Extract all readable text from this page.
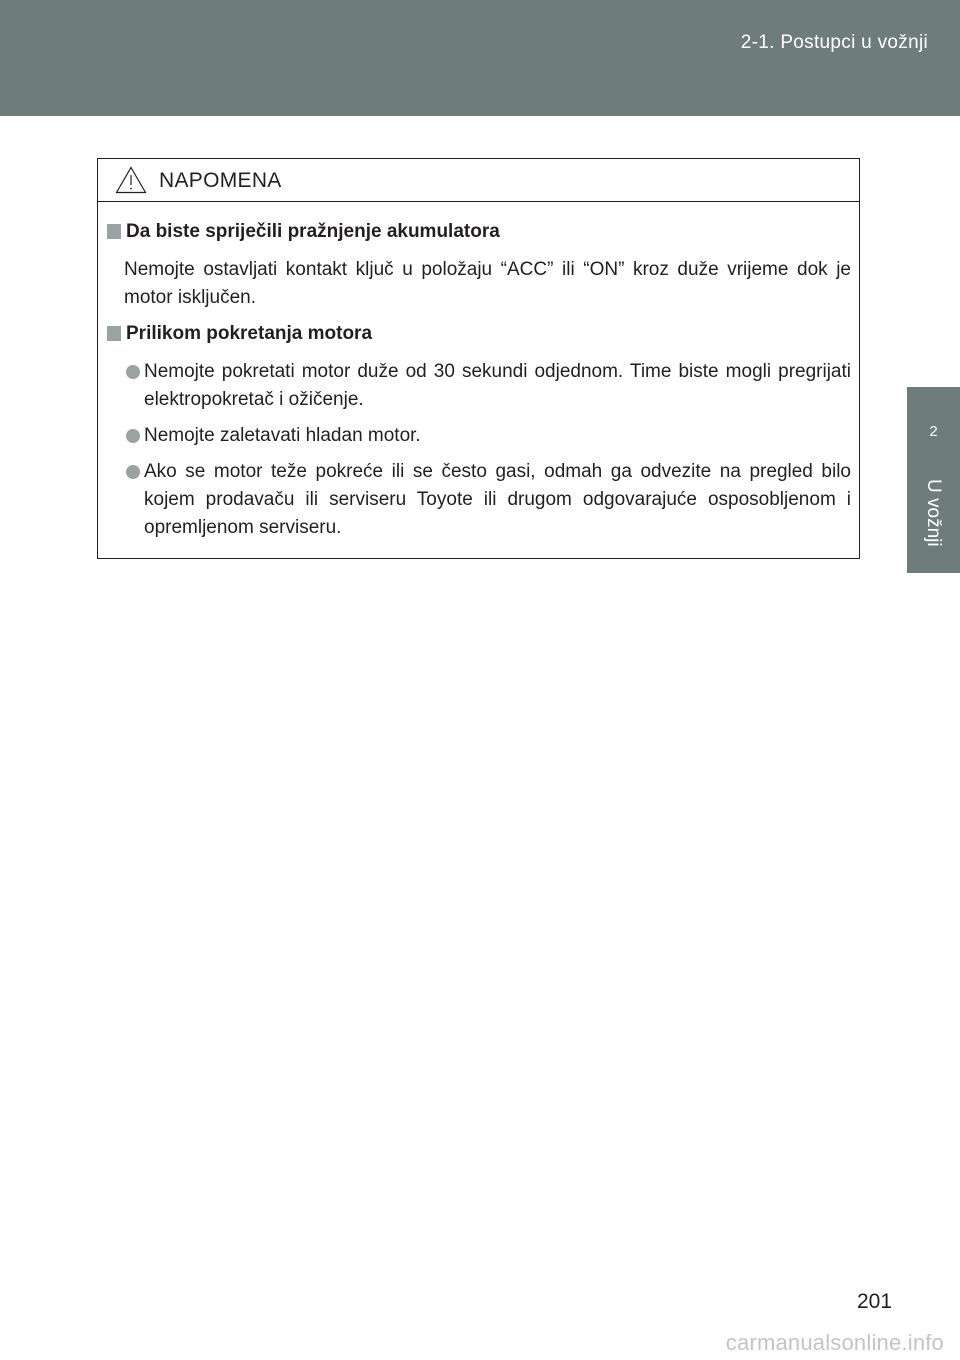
2-1. Postupci u vožnji
2
U vožnji
NAPOMENA
Da biste spriječili pražnjenje akumulatora
Nemojte ostavljati kontakt ključ u položaju “ACC” ili “ON” kroz duže vrijeme dok je motor isključen.
Prilikom pokretanja motora
Nemojte pokretati motor duže od 30 sekundi odjednom. Time biste mogli pregrijati elektropokretač i ožičenje.
Nemojte zaletavati hladan motor.
Ako se motor teže pokreće ili se često gasi, odmah ga odvezite na pregled bilo kojem prodavaču ili serviseru Toyote ili drugom odgovarajuće osposobljenom i opremljenom serviseru.
201
carmanualsonline.info
